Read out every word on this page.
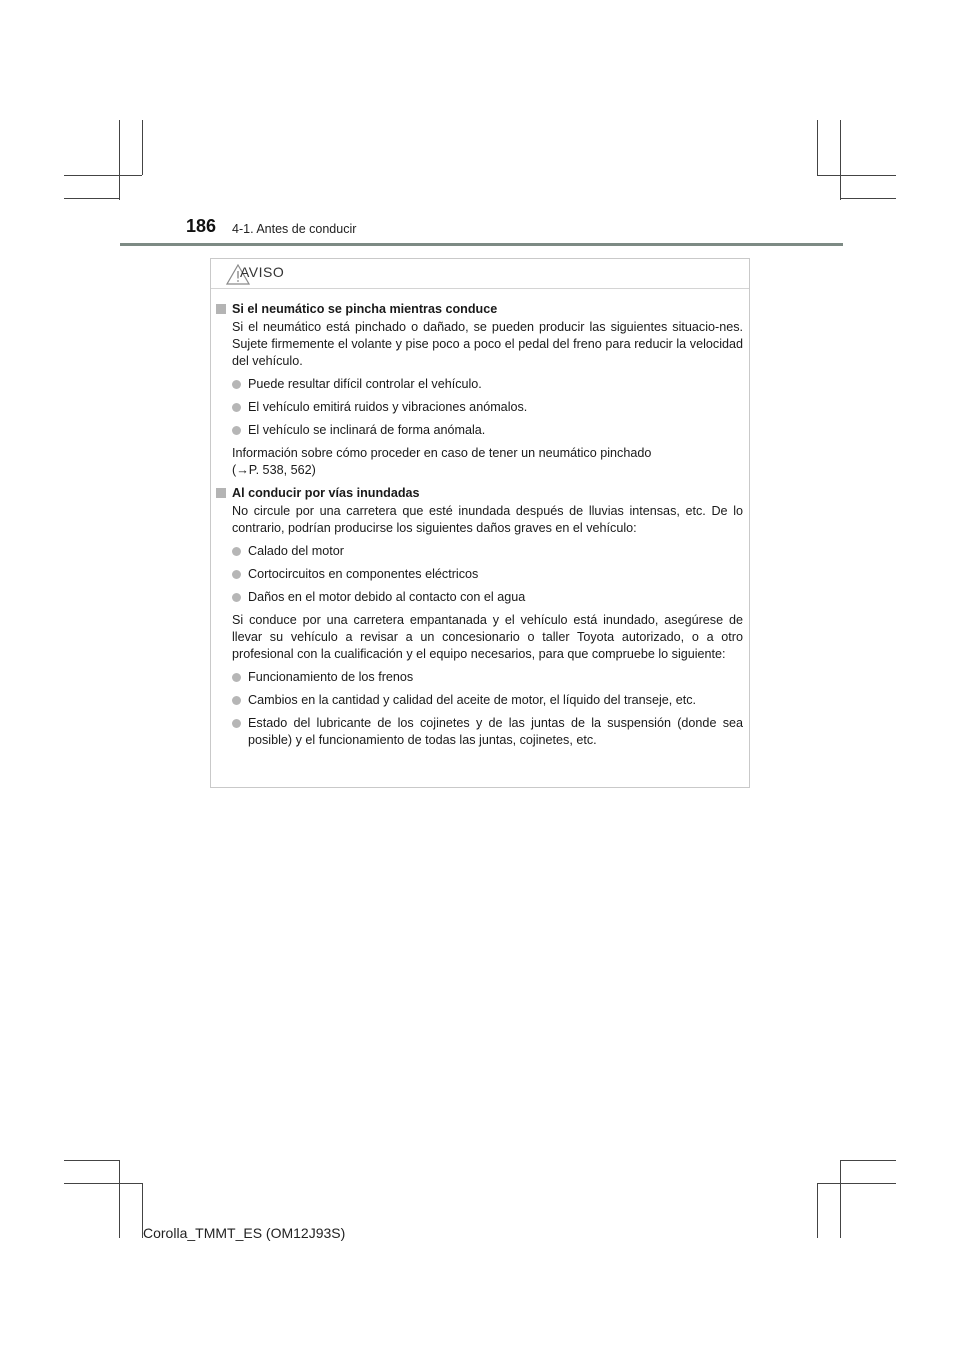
186 4-1. Antes de conducir
AVISO
Si el neumático se pincha mientras conduce
Si el neumático está pinchado o dañado, se pueden producir las siguientes situacio-nes. Sujete firmemente el volante y pise poco a poco el pedal del freno para reducir la velocidad del vehículo.
Puede resultar difícil controlar el vehículo.
El vehículo emitirá ruidos y vibraciones anómalos.
El vehículo se inclinará de forma anómala.
Información sobre cómo proceder en caso de tener un neumático pinchado
(→P. 538, 562)
Al conducir por vías inundadas
No circule por una carretera que esté inundada después de lluvias intensas, etc. De lo contrario, podrían producirse los siguientes daños graves en el vehículo:
Calado del motor
Cortocircuitos en componentes eléctricos
Daños en el motor debido al contacto con el agua
Si conduce por una carretera empantanada y el vehículo está inundado, asegúrese de llevar su vehículo a revisar a un concesionario o taller Toyota autorizado, o a otro profesional con la cualificación y el equipo necesarios, para que compruebe lo siguiente:
Funcionamiento de los frenos
Cambios en la cantidad y calidad del aceite de motor, el líquido del transeje, etc.
Estado del lubricante de los cojinetes y de las juntas de la suspensión (donde sea posible) y el funcionamiento de todas las juntas, cojinetes, etc.
Corolla_TMMT_ES (OM12J93S)
